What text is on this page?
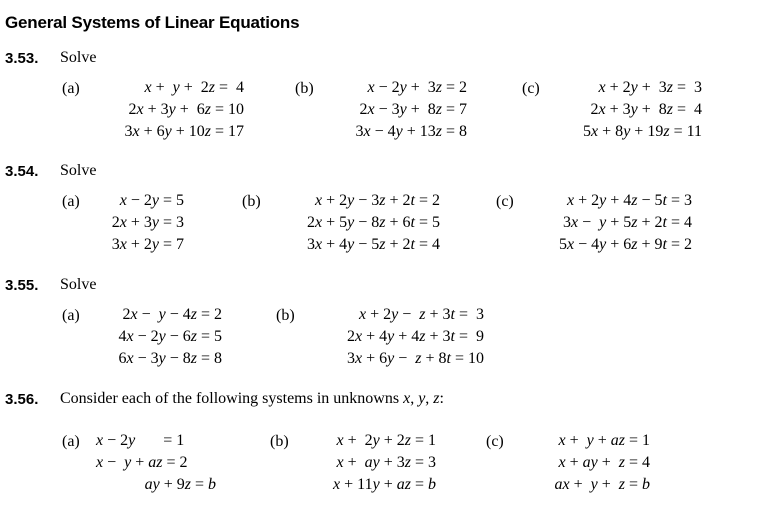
General Systems of Linear Equations
3.53. Solve
(a)	x +  y +  2z =  4
2x + 3y +  6z = 10
3x + 6y + 10z = 17
(b)	x − 2y +  3z = 2
2x − 3y +  8z = 7
3x − 4y + 13z = 8
(c)	x + 2y +  3z =  3
2x + 3y +  8z =  4
5x + 8y + 19z = 11
3.54. Solve
(a)	x − 2y = 5
2x + 3y = 3
3x + 2y = 7
(b)	x + 2y − 3z + 2t = 2
2x + 5y − 8z + 6t = 5
3x + 4y − 5z + 2t = 4
(c)	x + 2y + 4z − 5t = 3
3x −  y + 5z + 2t = 4
5x − 4y + 6z + 9t = 2
3.55. Solve
(a)	2x −  y − 4z = 2
4x − 2y − 6z = 5
6x − 3y − 8z = 8
(b)	x + 2y −  z + 3t =  3
2x + 4y + 4z + 3t =  9
3x + 6y −  z + 8t = 10
3.56. Consider each of the following systems in unknowns x, y, z:
(a) x − 2y       = 1
x −  y + az = 2
ay + 9z = b
(b)	x +  2y + 2z = 1
x +  ay + 3z = 3
x + 11y + az = b
(c)	x +  y + az = 1
x + ay +  z = 4
ax +  y +  z = b
